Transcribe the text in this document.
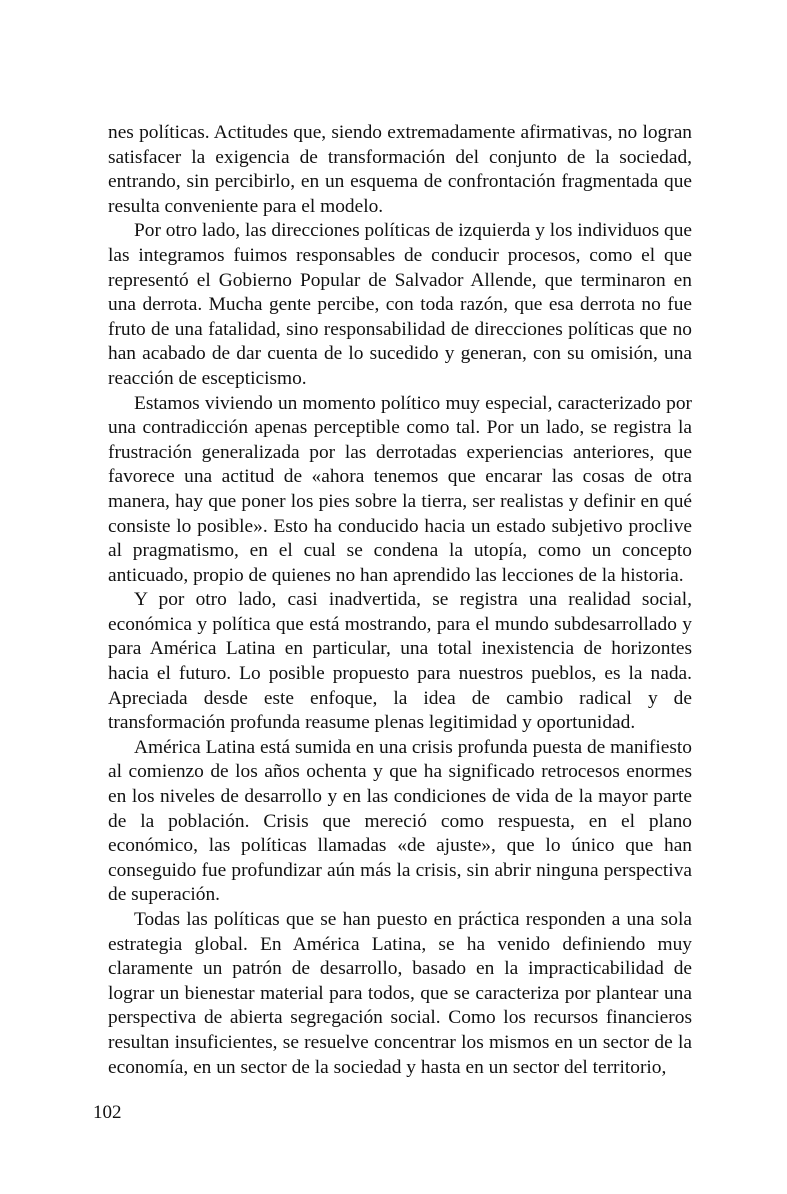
nes políticas. Actitudes que, siendo extremadamente afirmativas, no logran satisfacer la exigencia de transformación del conjunto de la sociedad, entrando, sin percibirlo, en un esquema de confrontación fragmentada que resulta conveniente para el modelo.

Por otro lado, las direcciones políticas de izquierda y los individuos que las integramos fuimos responsables de conducir procesos, como el que representó el Gobierno Popular de Salvador Allende, que terminaron en una derrota. Mucha gente percibe, con toda razón, que esa derrota no fue fruto de una fatalidad, sino responsabilidad de direcciones políticas que no han acabado de dar cuenta de lo sucedido y generan, con su omisión, una reacción de escepticismo.

Estamos viviendo un momento político muy especial, caracterizado por una contradicción apenas perceptible como tal. Por un lado, se registra la frustración generalizada por las derrotadas experiencias anteriores, que favorece una actitud de «ahora tenemos que encarar las cosas de otra manera, hay que poner los pies sobre la tierra, ser realistas y definir en qué consiste lo posible». Esto ha conducido hacia un estado subjetivo proclive al pragmatismo, en el cual se condena la utopía, como un concepto anticuado, propio de quienes no han aprendido las lecciones de la historia.

Y por otro lado, casi inadvertida, se registra una realidad social, económica y política que está mostrando, para el mundo subdesarrollado y para América Latina en particular, una total inexistencia de horizontes hacia el futuro. Lo posible propuesto para nuestros pueblos, es la nada. Apreciada desde este enfoque, la idea de cambio radical y de transformación profunda reasume plenas legitimidad y oportunidad.

América Latina está sumida en una crisis profunda puesta de manifiesto al comienzo de los años ochenta y que ha significado retrocesos enormes en los niveles de desarrollo y en las condiciones de vida de la mayor parte de la población. Crisis que mereció como respuesta, en el plano económico, las políticas llamadas «de ajuste», que lo único que han conseguido fue profundizar aún más la crisis, sin abrir ninguna perspectiva de superación.

Todas las políticas que se han puesto en práctica responden a una sola estrategia global. En América Latina, se ha venido definiendo muy claramente un patrón de desarrollo, basado en la impracticabilidad de lograr un bienestar material para todos, que se caracteriza por plantear una perspectiva de abierta segregación social. Como los recursos financieros resultan insuficientes, se resuelve concentrar los mismos en un sector de la economía, en un sector de la sociedad y hasta en un sector del territorio,

102
